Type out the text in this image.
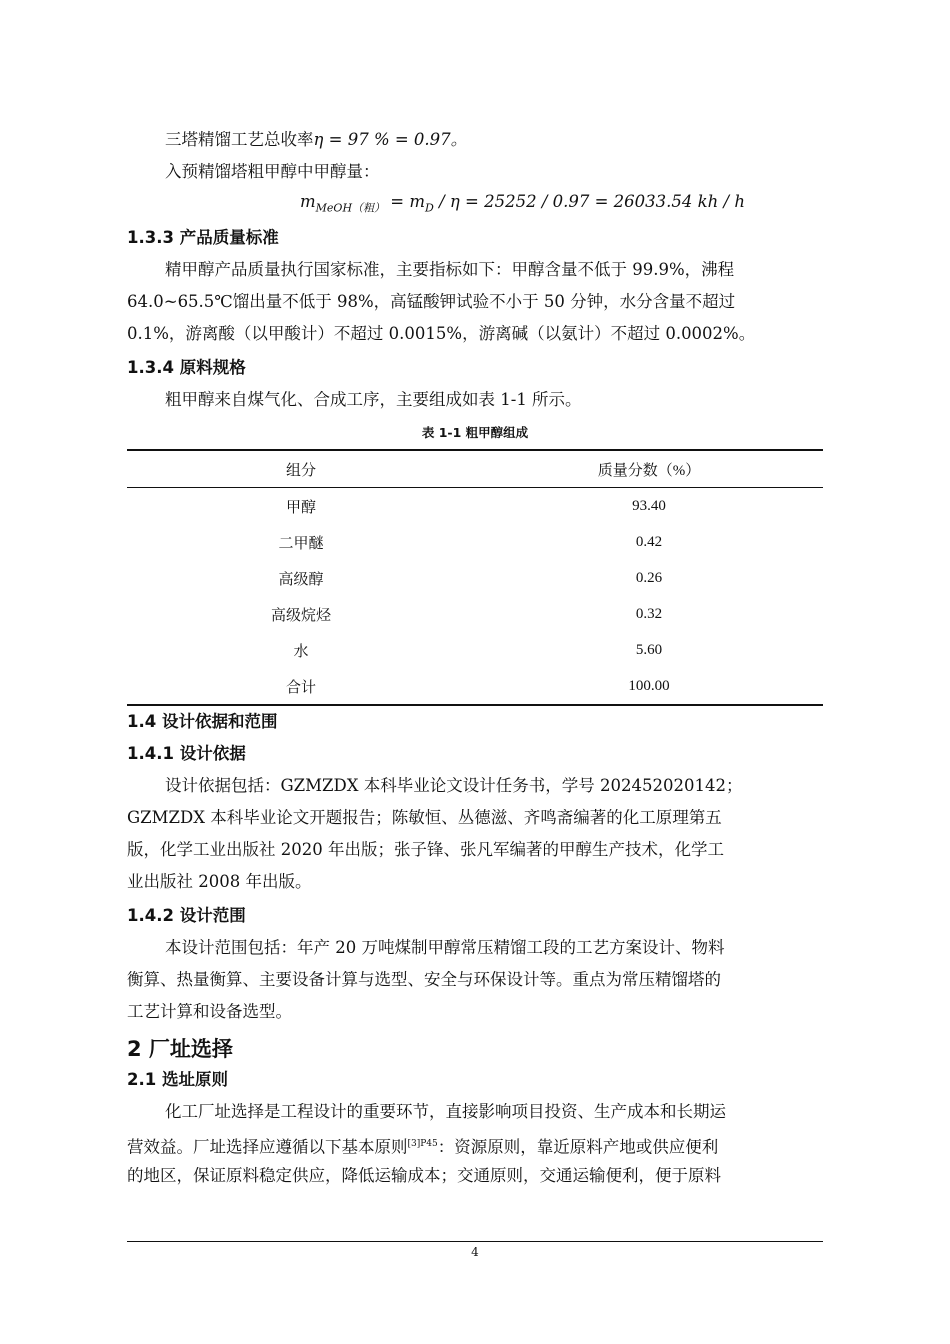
三塔精馏工艺总收率η = 97 % = 0.97。
入预精馏塔粗甲醇中甲醇量：
$m_{MeOH(粗)} = m_D / \eta = 25252 / 0.97 = 26033.54$ kh / h
1.3.3 产品质量标准
精甲醇产品质量执行国家标准，主要指标如下：甲醇含量不低于 99.9%，沸程
64.0~65.5℃馏出量不低于 98%，高锰酸钾试验不小于 50 分钟，水分含量不超过
0.1%，游离酸（以甲酸计）不超过 0.0015%，游离碱（以氨计）不超过 0.0002%。
1.3.4 原料规格
粗甲醇来自煤气化、合成工序，主要组成如表 1-1 所示。
表 1-1 粗甲醇组成
组分	质量分数（%）
甲醇	93.40
二甲醚	0.42
高级醇	0.26
高级烷烃	0.32
水	5.60
合计	100.00
1.4 设计依据和范围
1.4.1 设计依据
设计依据包括：GZMZDX 本科毕业论文设计任务书，学号 202452020142；
GZMZDX 本科毕业论文开题报告；陈敏恒、丛德滋、齐鸣斋编著的化工原理第五
版，化学工业出版社 2020 年出版；张子锋、张凡军编著的甲醇生产技术，化学工
业出版社 2008 年出版。
1.4.2 设计范围
本设计范围包括：年产 20 万吨煤制甲醇常压精馏工段的工艺方案设计、物料
衡算、热量衡算、主要设备计算与选型、安全与环保设计等。重点为常压精馏塔的
工艺计算和设备选型。
2 厂址选择
2.1 选址原则
化工厂址选择是工程设计的重要环节，直接影响项目投资、生产成本和长期运
营效益。厂址选择应遵循以下基本原则$^{[3]P45}$：资源原则，靠近原料产地或供应便利
的地区，保证原料稳定供应，降低运输成本；交通原则，交通运输便利，便于原料
4
